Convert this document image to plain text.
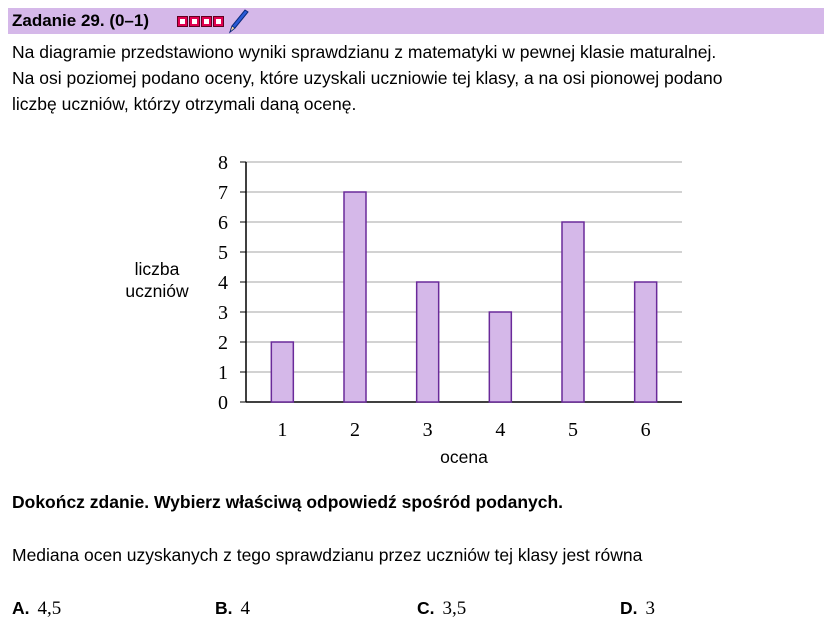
Zadanie 29. (0–1)

Na diagramie przedstawiono wyniki sprawdzianu z matematyki w pewnej klasie maturalnej.

Na osi poziomej podano oceny, które uzyskali uczniowie tej klasy, a na osi pionowej podano

liczbę uczniów, którzy otrzymali daną ocenę.

0
1
2
3
4
5
6
7
8
1	2	3	4	5	6
liczba
uczniów
ocena
Dokończ zdanie. Wybierz właściwą odpowiedź spośród podanych.
Mediana ocen uzyskanych z tego sprawdzianu przez uczniów tej klasy jest równa
A. 4,5	B. 4	C. 3,5	D. 3
